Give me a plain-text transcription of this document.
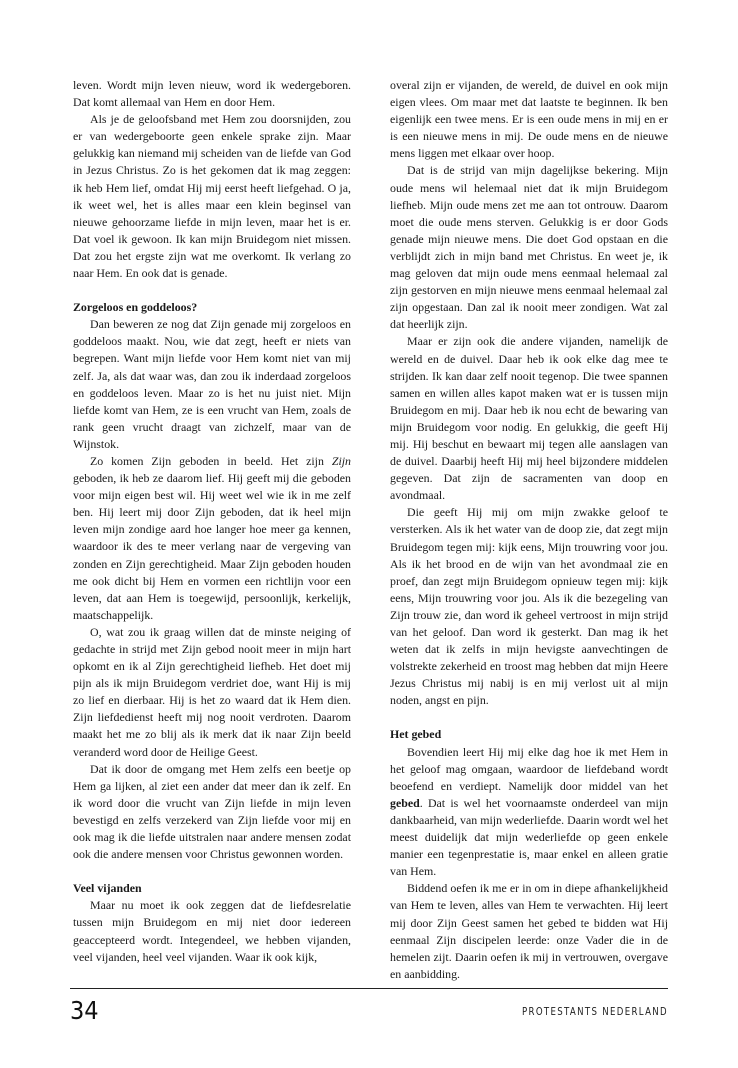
leven. Wordt mijn leven nieuw, word ik wedergeboren. Dat komt allemaal van Hem en door Hem.

Als je de geloofsband met Hem zou doorsnijden, zou er van wedergeboorte geen enkele sprake zijn. Maar gelukkig kan niemand mij scheiden van de liefde van God in Jezus Christus. Zo is het gekomen dat ik mag zeggen: ik heb Hem lief, omdat Hij mij eerst heeft liefgehad. O ja, ik weet wel, het is alles maar een klein beginsel van nieuwe gehoorzame liefde in mijn leven, maar het is er. Dat voel ik gewoon. Ik kan mijn Bruidegom niet missen. Dat zou het ergste zijn wat me overkomt. Ik verlang zo naar Hem. En ook dat is genade.

Zorgeloos en goddeloos?

Dan beweren ze nog dat Zijn genade mij zorgeloos en goddeloos maakt. Nou, wie dat zegt, heeft er niets van begrepen. Want mijn liefde voor Hem komt niet van mij zelf. Ja, als dat waar was, dan zou ik inderdaad zorgeloos en goddeloos leven. Maar zo is het nu juist niet. Mijn liefde komt van Hem, ze is een vrucht van Hem, zoals de rank geen vrucht draagt van zichzelf, maar van de Wijnstok.

Zo komen Zijn geboden in beeld. Het zijn Zijn geboden, ik heb ze daarom lief. Hij geeft mij die geboden voor mijn eigen best wil. Hij weet wel wie ik in me zelf ben. Hij leert mij door Zijn geboden, dat ik heel mijn leven mijn zondige aard hoe langer hoe meer ga kennen, waardoor ik des te meer verlang naar de vergeving van zonden en Zijn gerechtigheid. Maar Zijn geboden houden me ook dicht bij Hem en vormen een richtlijn voor een leven, dat aan Hem is toegewijd, persoonlijk, kerkelijk, maatschappelijk.

O, wat zou ik graag willen dat de minste neiging of gedachte in strijd met Zijn gebod nooit meer in mijn hart opkomt en ik al Zijn gerechtigheid liefheb. Het doet mij pijn als ik mijn Bruidegom verdriet doe, want Hij is mij zo lief en dierbaar. Hij is het zo waard dat ik Hem dien. Zijn liefdedienst heeft mij nog nooit verdroten. Daarom maakt het me zo blij als ik merk dat ik naar Zijn beeld veranderd word door de Heilige Geest.

Dat ik door de omgang met Hem zelfs een beetje op Hem ga lijken, al ziet een ander dat meer dan ik zelf. En ik word door die vrucht van Zijn liefde in mijn leven bevestigd en zelfs verzekerd van Zijn liefde voor mij en ook mag ik die liefde uitstralen naar andere mensen zodat ook die andere mensen voor Christus gewonnen worden.

Veel vijanden

Maar nu moet ik ook zeggen dat de liefdesrelatie tussen mijn Bruidegom en mij niet door iedereen geaccepteerd wordt. Integendeel, we hebben vijanden, veel vijanden, heel veel vijanden. Waar ik ook kijk,

overal zijn er vijanden, de wereld, de duivel en ook mijn eigen vlees. Om maar met dat laatste te beginnen. Ik ben eigenlijk een twee mens. Er is een oude mens in mij en er is een nieuwe mens in mij. De oude mens en de nieuwe mens liggen met elkaar over hoop.

Dat is de strijd van mijn dagelijkse bekering. Mijn oude mens wil helemaal niet dat ik mijn Bruidegom liefheb. Mijn oude mens zet me aan tot ontrouw. Daarom moet die oude mens sterven. Gelukkig is er door Gods genade mijn nieuwe mens. Die doet God opstaan en die verblijdt zich in mijn band met Christus. En weet je, ik mag geloven dat mijn oude mens eenmaal helemaal zal zijn gestorven en mijn nieuwe mens eenmaal helemaal zal zijn opgestaan. Dan zal ik nooit meer zondigen. Wat zal dat heerlijk zijn.

Maar er zijn ook die andere vijanden, namelijk de wereld en de duivel. Daar heb ik ook elke dag mee te strijden. Ik kan daar zelf nooit tegenop. Die twee spannen samen en willen alles kapot maken wat er is tussen mijn Bruidegom en mij. Daar heb ik nou echt de bewaring van mijn Bruidegom voor nodig. En gelukkig, die geeft Hij mij. Hij beschut en bewaart mij tegen alle aanslagen van de duivel. Daarbij heeft Hij mij heel bijzondere middelen gegeven. Dat zijn de sacramenten van doop en avondmaal.

Die geeft Hij mij om mijn zwakke geloof te versterken. Als ik het water van de doop zie, dat zegt mijn Bruidegom tegen mij: kijk eens, Mijn trouwring voor jou. Als ik het brood en de wijn van het avondmaal zie en proef, dan zegt mijn Bruidegom opnieuw tegen mij: kijk eens, Mijn trouwring voor jou. Als ik die bezegeling van Zijn trouw zie, dan word ik geheel vertroost in mijn strijd van het geloof. Dan word ik gesterkt. Dan mag ik het weten dat ik zelfs in mijn hevigste aanvechtingen de volstrekte zekerheid en troost mag hebben dat mijn Heere Jezus Christus mij nabij is en mij verlost uit al mijn noden, angst en pijn.

Het gebed

Bovendien leert Hij mij elke dag hoe ik met Hem in het geloof mag omgaan, waardoor de liefdeband wordt beoefend en verdiept. Namelijk door middel van het gebed. Dat is wel het voornaamste onderdeel van mijn dankbaarheid, van mijn wederliefde. Daarin wordt wel het meest duidelijk dat mijn wederliefde op geen enkele manier een tegenprestatie is, maar enkel en alleen gratie van Hem.

Biddend oefen ik me er in om in diepe afhankelijkheid van Hem te leven, alles van Hem te verwachten. Hij leert mij door Zijn Geest samen het gebed te bidden wat Hij eenmaal Zijn discipelen leerde: onze Vader die in de hemelen zijt. Daarin oefen ik mij in vertrouwen, overgave en aanbidding.

34	PROTESTANTS NEDERLAND
